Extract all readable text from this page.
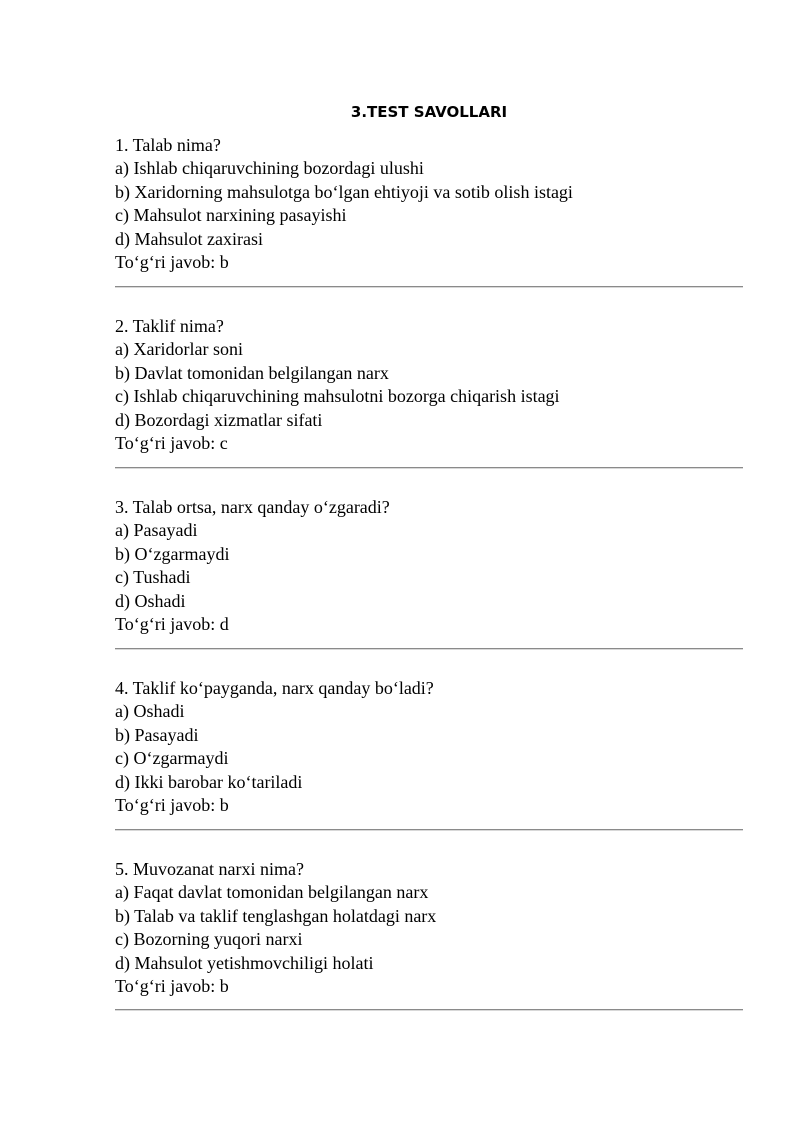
3.TEST SAVOLLARI
1. Talab nima?
a) Ishlab chiqaruvchining bozordagi ulushi
b) Xaridorning mahsulotga bo‘lgan ehtiyoji va sotib olish istagi
c) Mahsulot narxining pasayishi
d) Mahsulot zaxirasi
To‘g‘ri javob: b
2. Taklif nima?
a) Xaridorlar soni
b) Davlat tomonidan belgilangan narx
c) Ishlab chiqaruvchining mahsulotni bozorga chiqarish istagi
d) Bozordagi xizmatlar sifati
To‘g‘ri javob: c
3. Talab ortsa, narx qanday o‘zgaradi?
a) Pasayadi
b) O‘zgarmaydi
c) Tushadi
d) Oshadi
To‘g‘ri javob: d
4. Taklif ko‘payganda, narx qanday bo‘ladi?
a) Oshadi
b) Pasayadi
c) O‘zgarmaydi
d) Ikki barobar ko‘tariladi
To‘g‘ri javob: b
5. Muvozanat narxi nima?
a) Faqat davlat tomonidan belgilangan narx
b) Talab va taklif tenglashgan holatdagi narx
c) Bozorning yuqori narxi
d) Mahsulot yetishmovchiligi holati
To‘g‘ri javob: b
